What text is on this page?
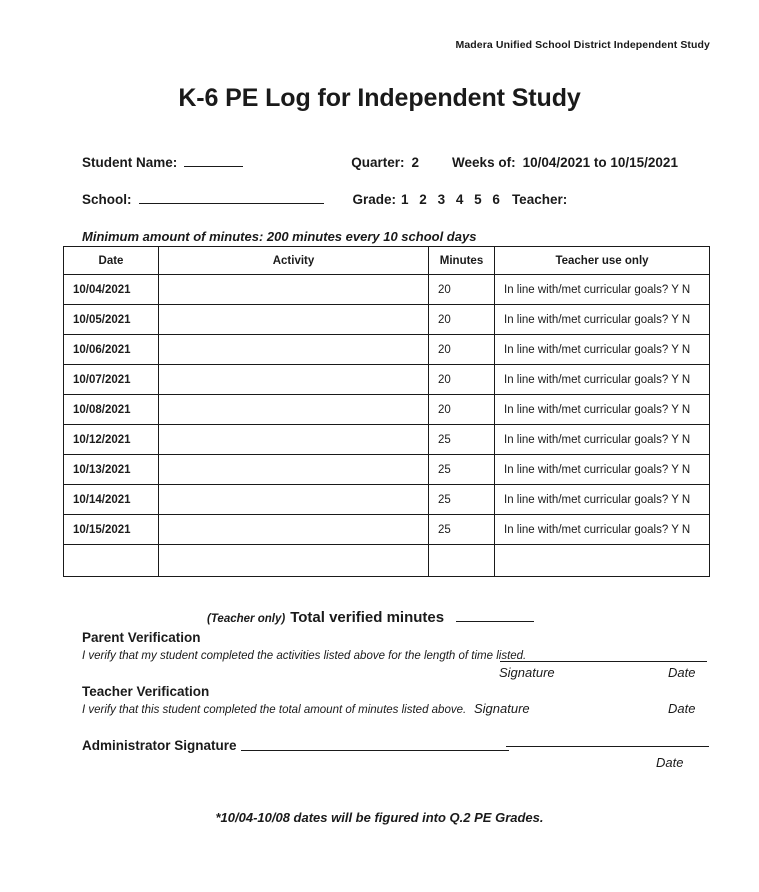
Madera Unified School District Independent Study
K-6 PE Log for Independent Study
Student Name:	Quarter: 2 Weeks of: 10/04/2021 to 10/15/2021
School:	Grade: 1 2 3 4 5 6 Teacher:
Minimum amount of minutes: 200 minutes every 10 school days
Date	Activity	Minutes	Teacher use only
10/04/2021		20	In line with/met curricular goals? Y N
10/05/2021		20	In line with/met curricular goals? Y N
10/06/2021		20	In line with/met curricular goals? Y N
10/07/2021		20	In line with/met curricular goals? Y N
10/08/2021		20	In line with/met curricular goals? Y N
10/12/2021		25	In line with/met curricular goals? Y N
10/13/2021		25	In line with/met curricular goals? Y N
10/14/2021		25	In line with/met curricular goals? Y N
10/15/2021		25	In line with/met curricular goals? Y N

(Teacher only) Total verified minutes
Parent Verification
I verify that my student completed the activities listed above for the length of time listed.
Signature	Date
Teacher Verification
I verify that this student completed the total amount of minutes listed above. Signature	Date
Administrator Signature
Date
*10/04-10/08 dates will be figured into Q.2 PE Grades.
